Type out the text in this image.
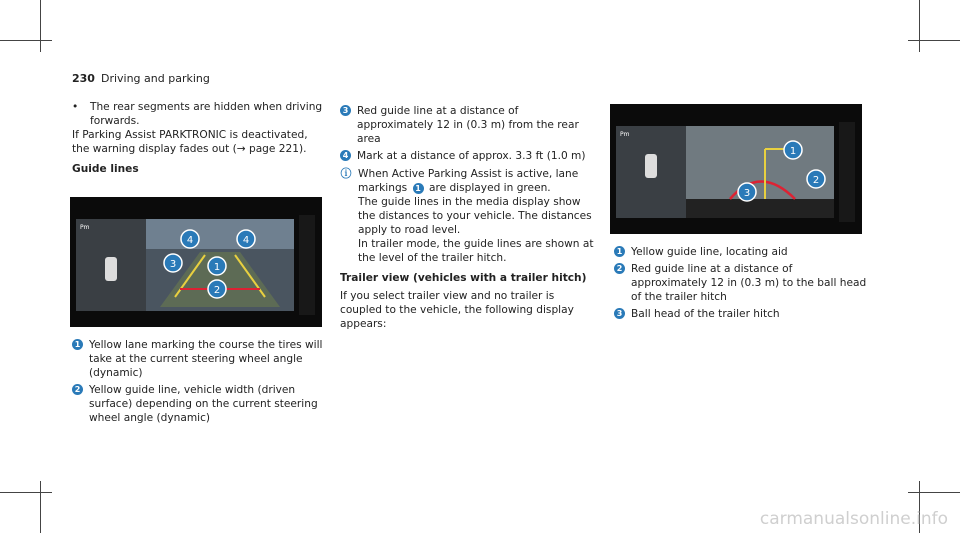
230 Driving and parking
•	The rear segments are hidden when driving forwards.

If Parking Assist PARKTRONIC is deactivated, the warning display fades out (→ page 221).

Guide lines
Pm
4	4
3	1
2
1 Yellow lane marking the course the tires will take at the current steering wheel angle (dynamic)
2 Yellow guide line, vehicle width (driven surface) depending on the current steering wheel angle (dynamic)
3 Red guide line at a distance of approximately 12 in (0.3 m) from the rear area
4 Mark at a distance of approx. 3.3 ft (1.0 m)
ⓘ When Active Parking Assist is active, lane markings 1 are displayed in green.
The guide lines in the media display show the distances to your vehicle. The distances apply to road level.
In trailer mode, the guide lines are shown at the level of the trailer hitch.
Trailer view (vehicles with a trailer hitch)

If you select trailer view and no trailer is coupled to the vehicle, the following display appears:

Pm
1
2
3
1 Yellow guide line, locating aid
2 Red guide line at a distance of approximately 12 in (0.3 m) to the ball head of the trailer hitch
3 Ball head of the trailer hitch
carmanualsonline.info
